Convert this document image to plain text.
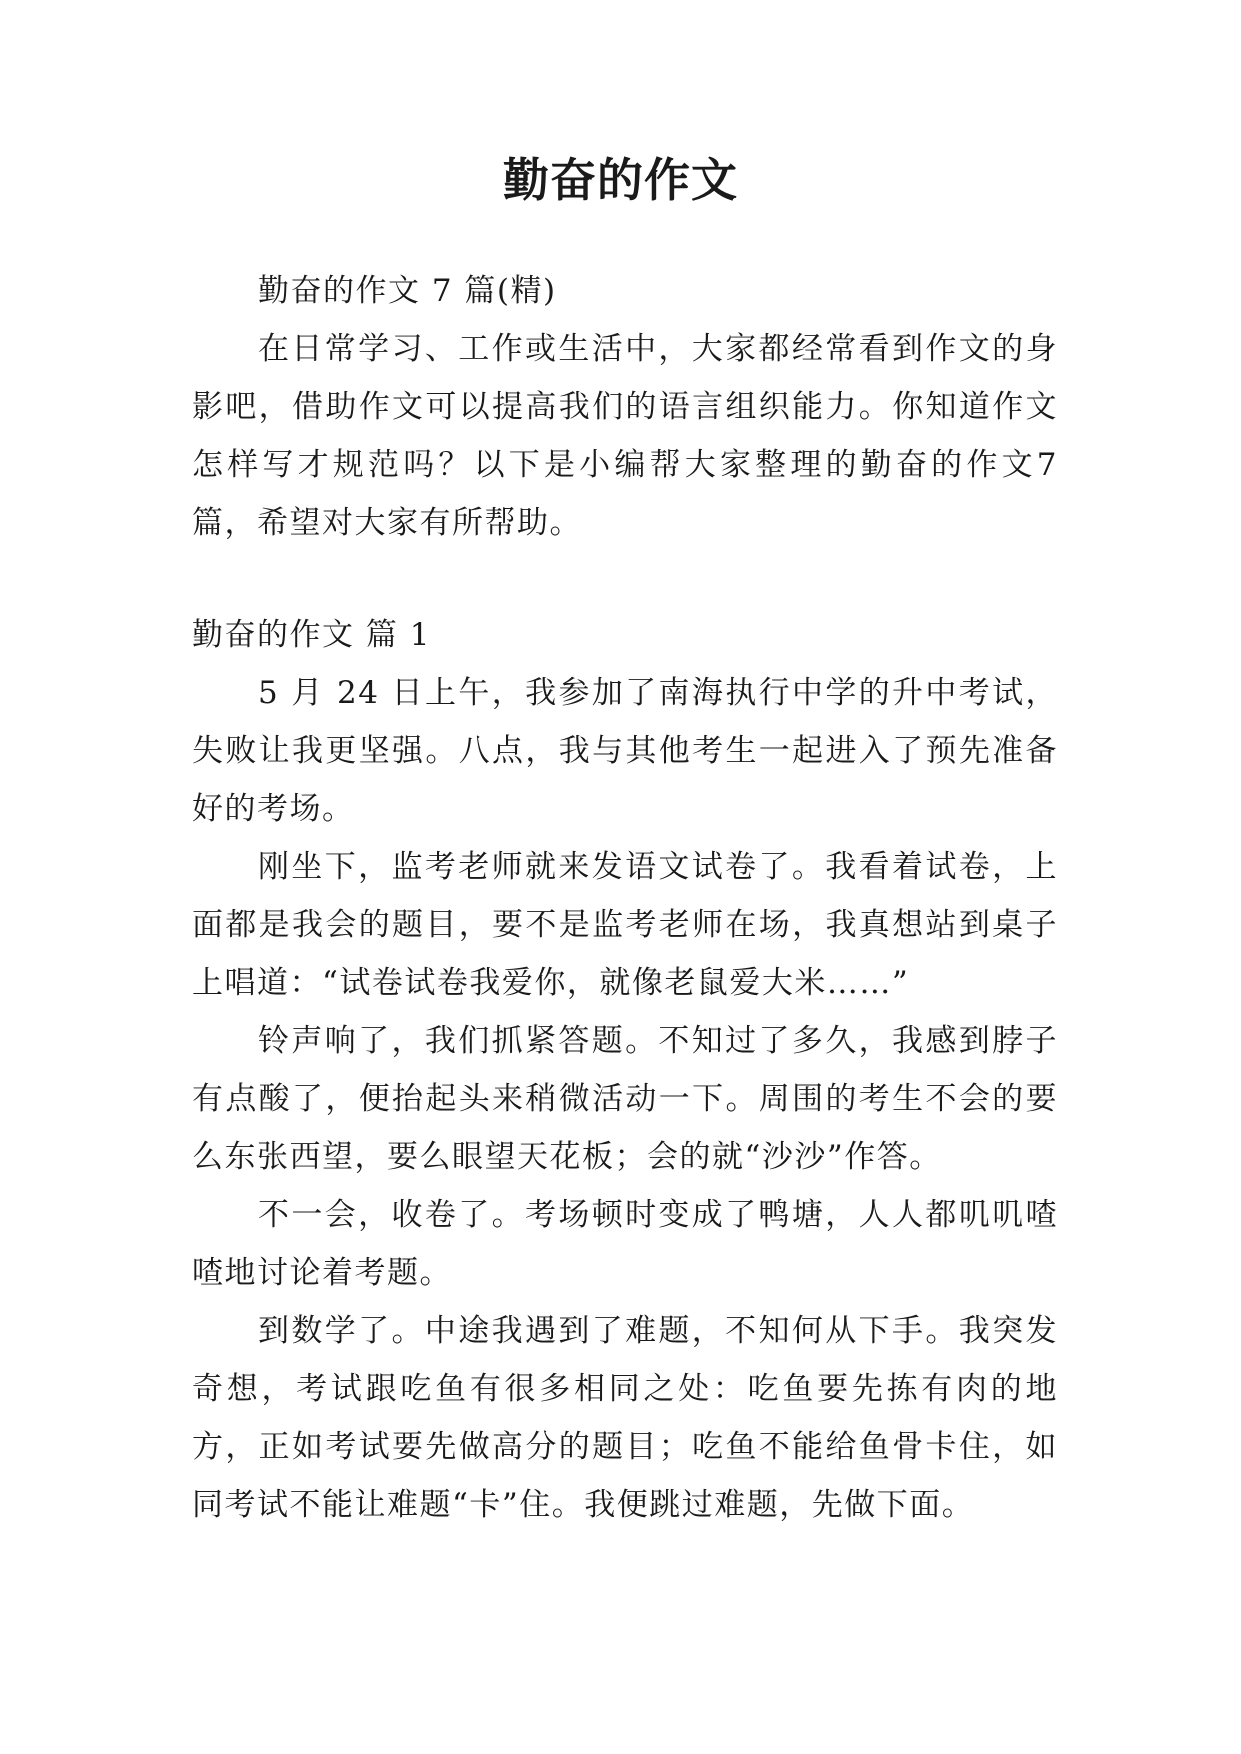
勤奋的作文

勤奋的作文 7 篇(精)

在日常学习、工作或生活中，大家都经常看到作文的身影吧，借助作文可以提高我们的语言组织能力。你知道作文怎样写才规范吗？以下是小编帮大家整理的勤奋的作文7篇，希望对大家有所帮助。

勤奋的作文 篇 1

5 月 24 日上午，我参加了南海执行中学的升中考试，失败让我更坚强。八点，我与其他考生一起进入了预先准备好的考场。

刚坐下，监考老师就来发语文试卷了。我看着试卷，上面都是我会的题目，要不是监考老师在场，我真想站到桌子上唱道：“试卷试卷我爱你，就像老鼠爱大米……”

铃声响了，我们抓紧答题。不知过了多久，我感到脖子有点酸了，便抬起头来稍微活动一下。周围的考生不会的要么东张西望，要么眼望天花板；会的就“沙沙”作答。

不一会，收卷了。考场顿时变成了鸭塘，人人都叽叽喳喳地讨论着考题。

到数学了。中途我遇到了难题，不知何从下手。我突发奇想，考试跟吃鱼有很多相同之处：吃鱼要先拣有肉的地方，正如考试要先做高分的题目；吃鱼不能给鱼骨卡住，如同考试不能让难题“卡”住。我便跳过难题，先做下面。
